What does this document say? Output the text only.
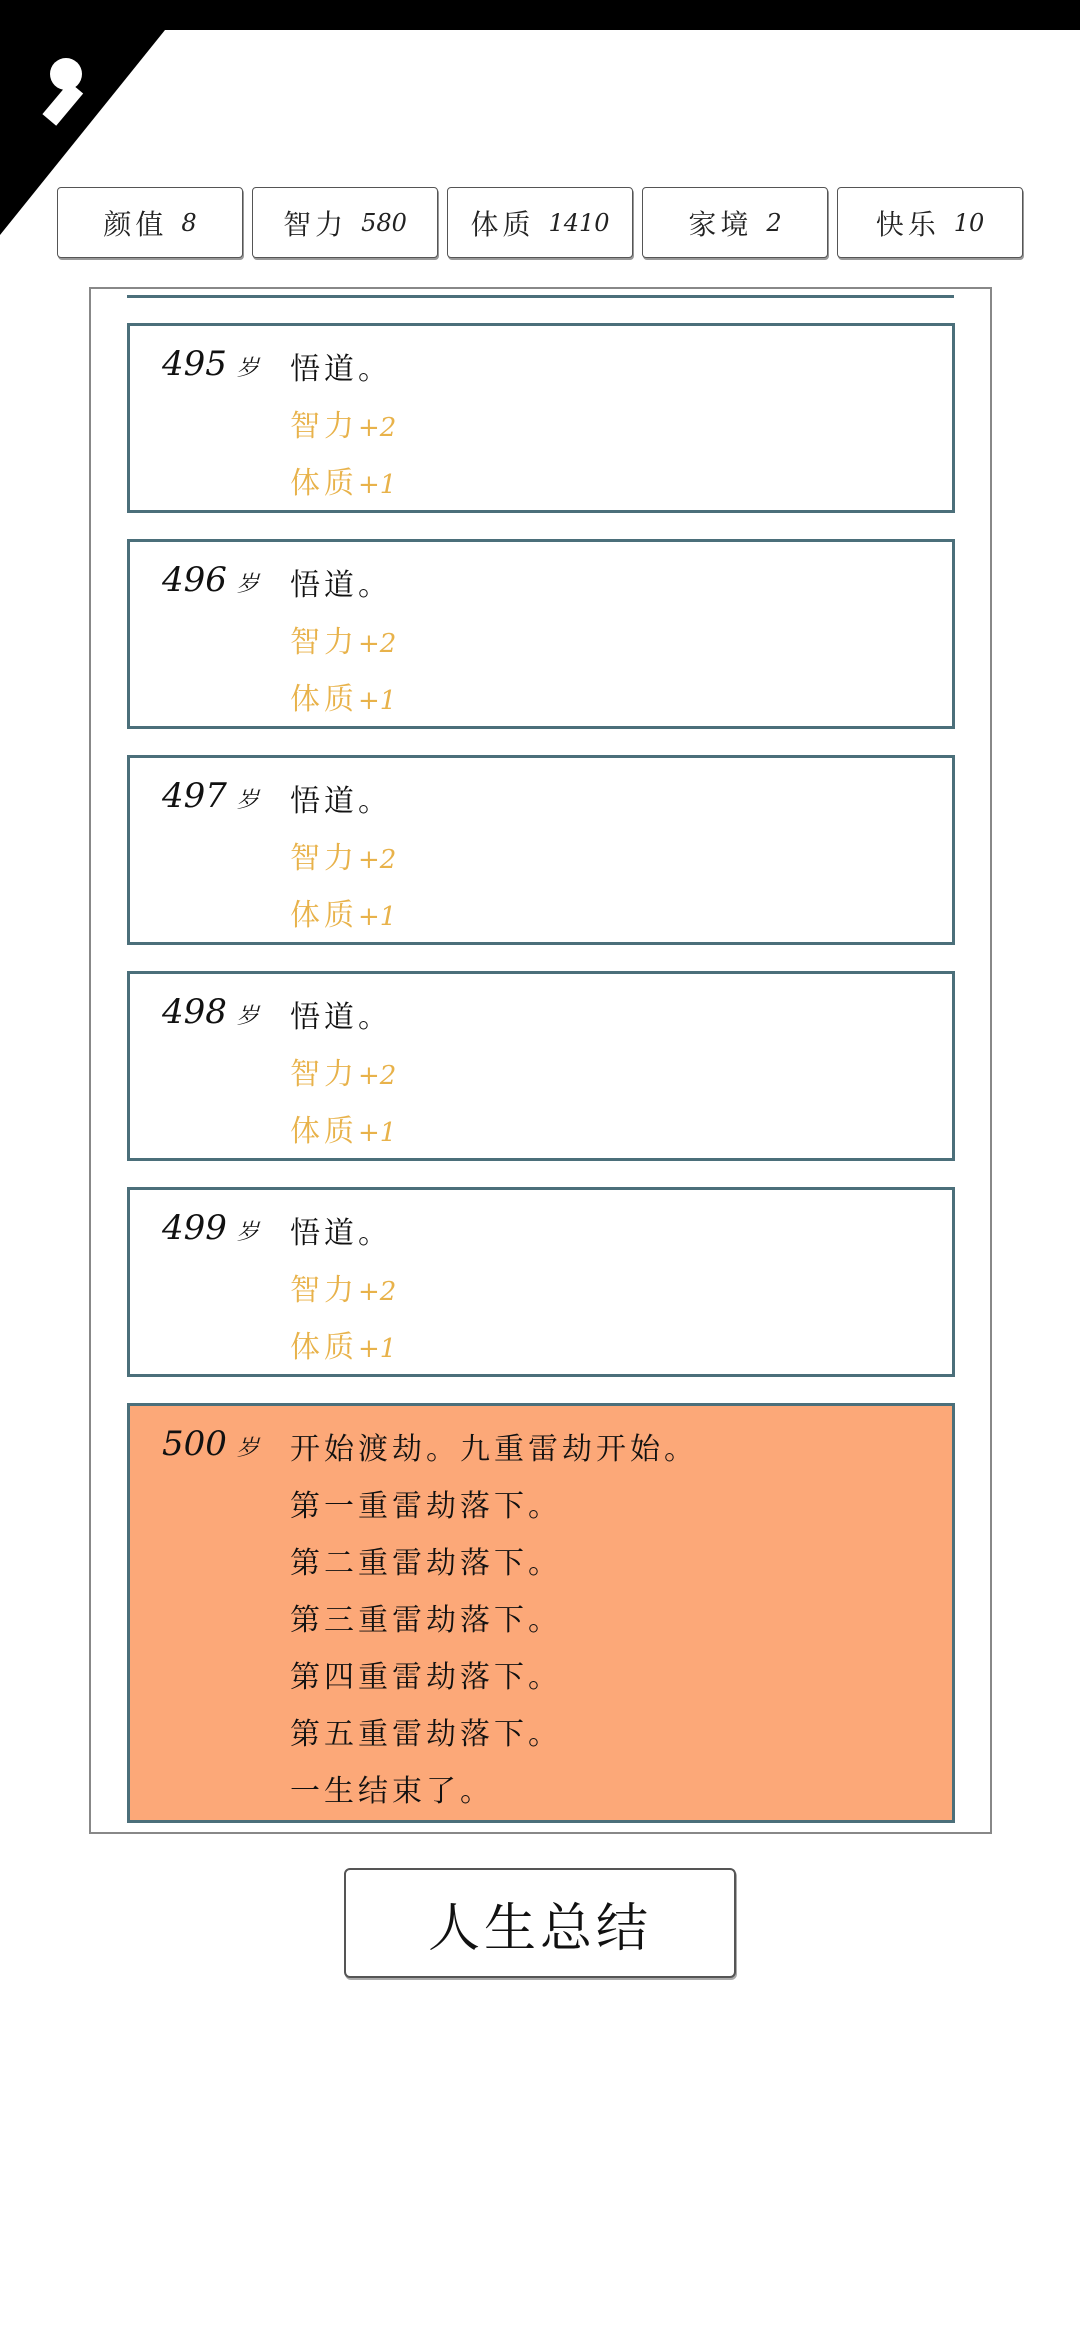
颜值 8	智力 580 体质 1410	家境 2	快乐 10
495 岁 悟道。
智力+2
体质+1
496 岁 悟道。
智力+2
体质+1
497 岁 悟道。
智力+2
体质+1
498 岁 悟道。
智力+2
体质+1
499 岁 悟道。
智力+2
体质+1
500 岁 开始渡劫。九重雷劫开始。
第一重雷劫落下。
第二重雷劫落下。
第三重雷劫落下。
第四重雷劫落下。
第五重雷劫落下。
一生结束了。
人生总结
